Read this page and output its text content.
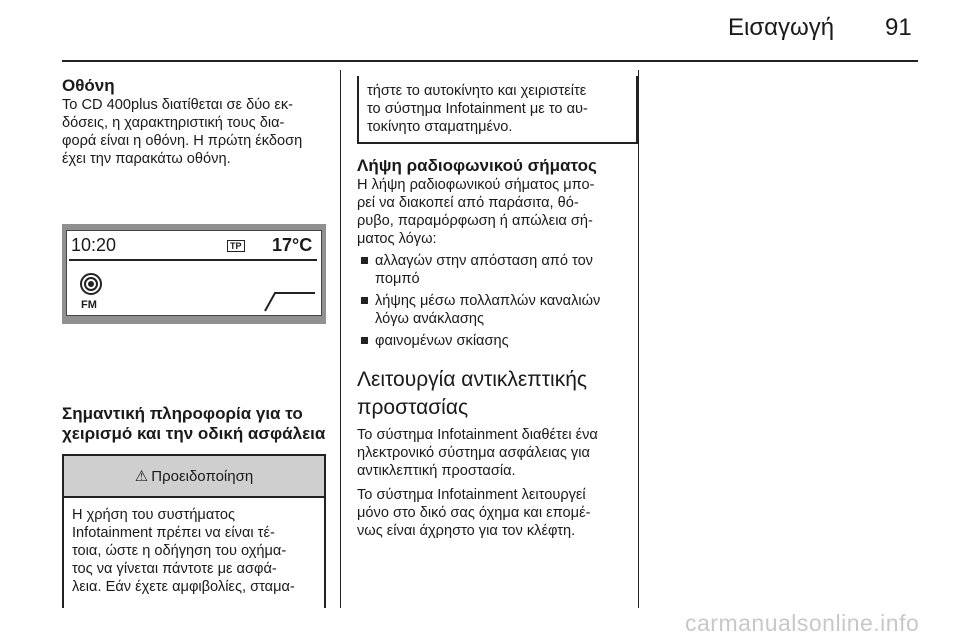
Εισαγωγή 91

Οθόνη

Το CD 400plus διατίθεται σε δύο εκ-

δόσεις, η χαρακτηριστική τους δια-

φορά είναι η οθόνη. Η πρώτη έκδοση

έχει την παρακάτω οθόνη.

10:20	TP 17°C
FM

Σημαντική πληροφορία για το

χειρισμό και την οδική ασφάλεια

⚠ Προειδοποίηση

Η χρήση του συστήματος

Infotainment πρέπει να είναι τέ-

τοια, ώστε η οδήγηση του οχήμα-

τος να γίνεται πάντοτε με ασφά-

λεια. Εάν έχετε αμφιβολίες, σταμα-

τήστε το αυτοκίνητο και χειριστείτε

το σύστημα Infotainment με το αυ-

τοκίνητο σταματημένο.

Λήψη ραδιοφωνικού σήματος

Η λήψη ραδιοφωνικού σήματος μπο-

ρεί να διακοπεί από παράσιτα, θό-

ρυβο, παραμόρφωση ή απώλεια σή-

ματος λόγω:

αλλαγών στην απόσταση από τον
πομπό
λήψης μέσω πολλαπλών καναλιών
λόγω ανάκλασης
φαινομένων σκίασης

Λειτουργία αντικλεπτικής

προστασίας

Το σύστημα Infotainment διαθέτει ένα

ηλεκτρονικό σύστημα ασφάλειας για

αντικλεπτική προστασία.

Το σύστημα Infotainment λειτουργεί

μόνο στο δικό σας όχημα και επομέ-

νως είναι άχρηστο για τον κλέφτη.

carmanualsonline.info
